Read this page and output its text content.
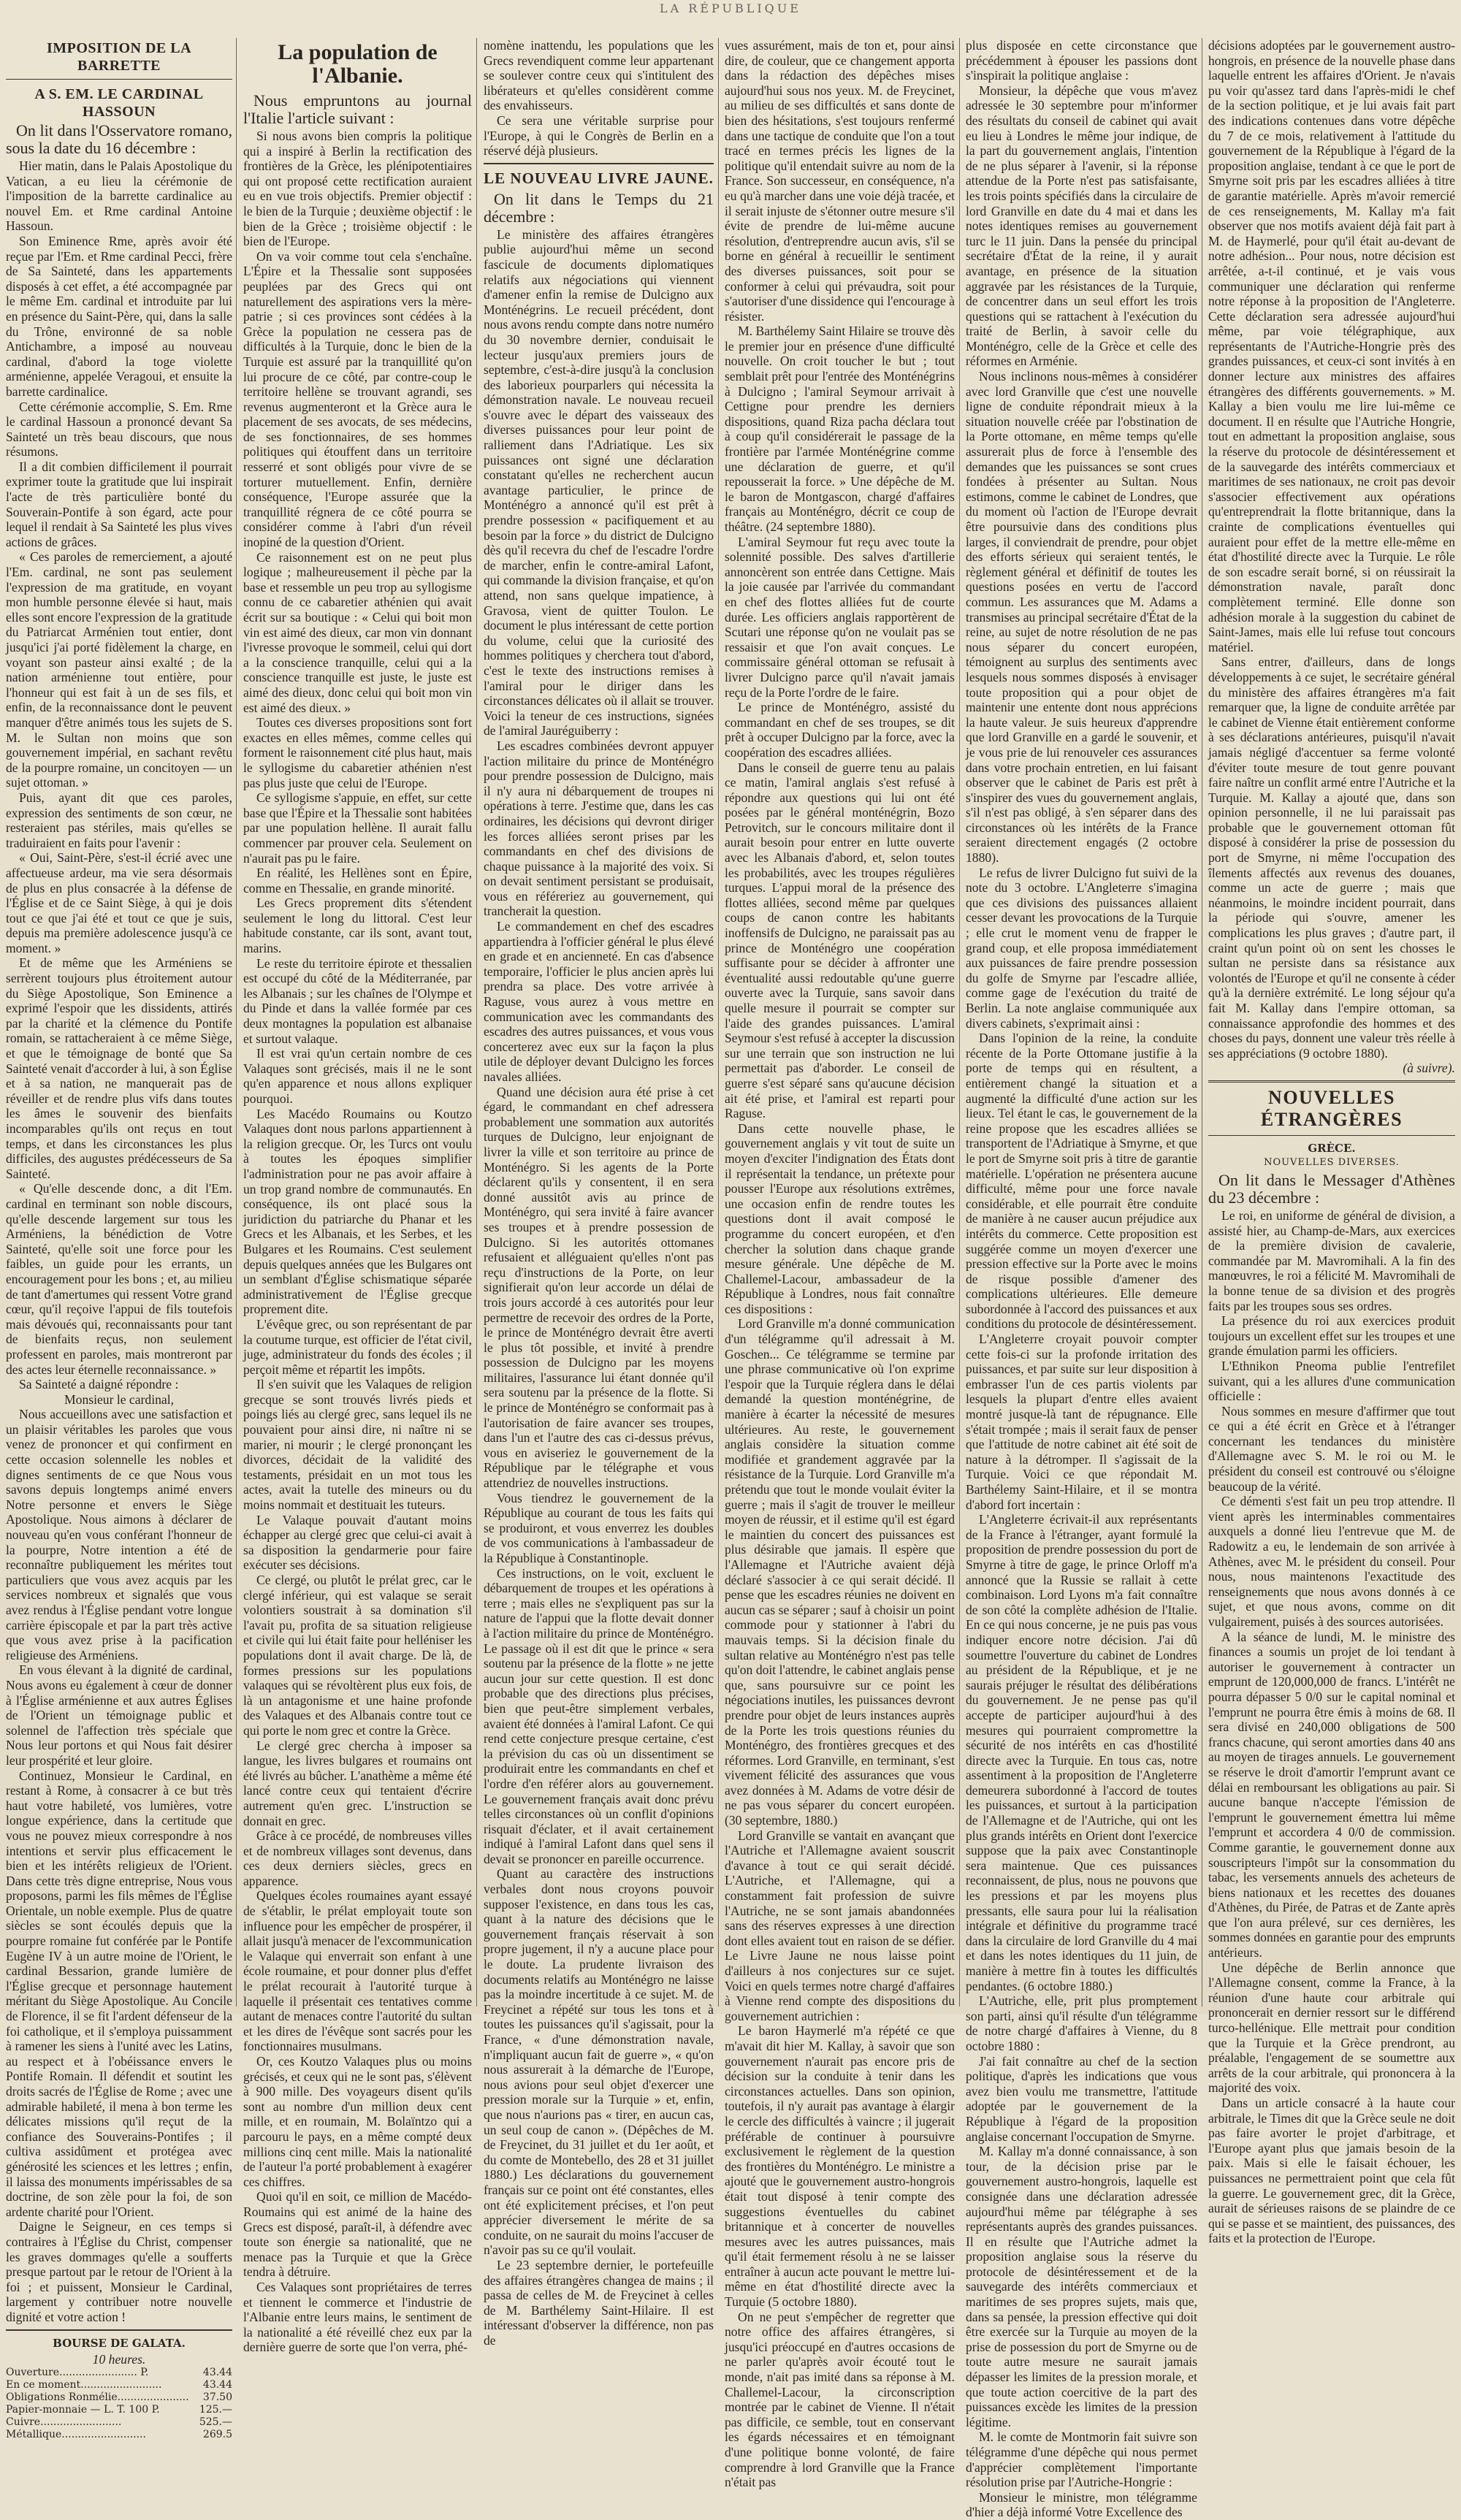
LA RÉPUBLIQUE
IMPOSITION DE LA BARRETTE
A S. EM. LE CARDINAL HASSOUN

On lit dans l'Osservatore romano, sous la date du 16 décembre :

Hier matin, dans le Palais Apostolique du Vatican, a eu lieu la cérémonie de l'imposition de la barrette cardinalice au nouvel Em. et Rme cardinal Antoine Hassoun.

Son Eminence Rme, après avoir été reçue par l'Em. et Rme cardinal Pecci, frère de Sa Sainteté, dans les appartements disposés à cet effet, a été accompagnée par le même Em. cardinal et introduite par lui en présence du Saint-Père, qui, dans la salle du Trône, environné de sa noble Antichambre, a imposé au nouveau cardinal, d'abord la toge violette arménienne, appelée Veragoui, et ensuite la barrette cardinalice.

Cette cérémonie accomplie, S. Em. Rme le cardinal Hassoun a prononcé devant Sa Sainteté un très beau discours, que nous résumons.

Il a dit combien difficilement il pourrait exprimer toute la gratitude que lui inspirait l'acte de très particulière bonté du Souverain-Pontife à son égard, acte pour lequel il rendait à Sa Sainteté les plus vives actions de grâces.

« Ces paroles de remerciement, a ajouté l'Em. cardinal, ne sont pas seulement l'expression de ma gratitude, en voyant mon humble personne élevée si haut, mais elles sont encore l'expression de la gratitude du Patriarcat Arménien tout entier, dont jusqu'ici j'ai porté fidèlement la charge, en voyant son pasteur ainsi exalté ; de la nation arménienne tout entière, pour l'honneur qui est fait à un de ses fils, et enfin, de la reconnaissance dont le peuvent manquer d'être animés tous les sujets de S. M. le Sultan non moins que son gouvernement impérial, en sachant revêtu de la pourpre romaine, un concitoyen — un sujet ottoman. »

Puis, ayant dit que ces paroles, expression des sentiments de son cœur, ne resteraient pas stériles, mais qu'elles se traduiraient en faits pour l'avenir :

« Oui, Saint-Père, s'est-il écrié avec une affectueuse ardeur, ma vie sera désormais de plus en plus consacrée à la défense de l'Église et de ce Saint Siège, à qui je dois tout ce que j'ai été et tout ce que je suis, depuis ma première adolescence jusqu'à ce moment. »

Et de même que les Arméniens se serrèrent toujours plus étroitement autour du Siège Apostolique, Son Eminence a exprimé l'espoir que les dissidents, attirés par la charité et la clémence du Pontife romain, se rattacheraient à ce même Siège, et que le témoignage de bonté que Sa Sainteté venait d'accorder à lui, à son Église et à sa nation, ne manquerait pas de réveiller et de rendre plus vifs dans toutes les âmes le souvenir des bienfaits incomparables qu'ils ont reçus en tout temps, et dans les circonstances les plus difficiles, des augustes prédécesseurs de Sa Sainteté.

« Qu'elle descende donc, a dit l'Em. cardinal en terminant son noble discours, qu'elle descende largement sur tous les Arméniens, la bénédiction de Votre Sainteté, qu'elle soit une force pour les faibles, un guide pour les errants, un encouragement pour les bons ; et, au milieu de tant d'amertumes qui ressent Votre grand cœur, qu'il reçoive l'appui de fils toutefois mais dévoués qui, reconnaissants pour tant de bienfaits reçus, non seulement professent en paroles, mais montreront par des actes leur éternelle reconnaissance. »

Sa Sainteté a daigné répondre :

Monsieur le cardinal,

Nous accueillons avec une satisfaction et un plaisir véritables les paroles que vous venez de prononcer et qui confirment en cette occasion solennelle les nobles et dignes sentiments de ce que Nous vous savons depuis longtemps animé envers Notre personne et envers le Siège Apostolique. Nous aimons à déclarer de nouveau qu'en vous conférant l'honneur de la pourpre, Notre intention a été de reconnaître publiquement les mérites tout particuliers que vous avez acquis par les services nombreux et signalés que vous avez rendus à l'Église pendant votre longue carrière épiscopale et par la part très active que vous avez prise à la pacification religieuse des Arméniens.

En vous élevant à la dignité de cardinal, Nous avons eu également à cœur de donner à l'Église arménienne et aux autres Églises de l'Orient un témoignage public et solennel de l'affection très spéciale que Nous leur portons et qui Nous fait désirer leur prospérité et leur gloire.

Continuez, Monsieur le Cardinal, en restant à Rome, à consacrer à ce but très haut votre habileté, vos lumières, votre longue expérience, dans la certitude que vous ne pouvez mieux correspondre à nos intentions et servir plus efficacement le bien et les intérêts religieux de l'Orient. Dans cette très digne entreprise, Nous vous proposons, parmi les fils mêmes de l'Église Orientale, un noble exemple. Plus de quatre siècles se sont écoulés depuis que la pourpre romaine fut conférée par le Pontife Eugène IV à un autre moine de l'Orient, le cardinal Bessarion, grande lumière de l'Église grecque et personnage hautement méritant du Siège Apostolique. Au Concile de Florence, il se fit l'ardent défenseur de la foi catholique, et il s'employa puissamment à ramener les siens à l'unité avec les Latins, au respect et à l'obéissance envers le Pontife Romain. Il défendit et soutint les droits sacrés de l'Église de Rome ; avec une admirable habileté, il mena à bon terme les délicates missions qu'il reçut de la confiance des Souverains-Pontifes ; il cultiva assidûment et protégea avec générosité les sciences et les lettres ; enfin, il laissa des monuments impérissables de sa doctrine, de son zèle pour la foi, de son ardente charité pour l'Orient.

Daigne le Seigneur, en ces temps si contraires à l'Église du Christ, compenser les graves dommages qu'elle a soufferts presque partout par le retour de l'Orient à la foi ; et puissent, Monsieur le Cardinal, largement y contribuer notre nouvelle dignité et votre action !

BOURSE DE GALATA.
10 heures.
Ouverture........................ P.	43.44
En ce moment.........................	43.44
Obligations Ronmélie......................	37.50
Papier-monnaie — L. T. 100 P.	125.—
Cuivre.........................	525.—
Métallique..........................	269.5
La population de l'Albanie.

Nous empruntons au journal l'Italie l'article suivant :

Si nous avons bien compris la politique qui a inspiré à Berlin la rectification des frontières de la Grèce, les plénipotentiaires qui ont proposé cette rectification auraient eu en vue trois objectifs. Premier objectif : le bien de la Turquie ; deuxième objectif : le bien de la Grèce ; troisième objectif : le bien de l'Europe.

On va voir comme tout cela s'enchaîne. L'Épire et la Thessalie sont supposées peuplées par des Grecs qui ont naturellement des aspirations vers la mère-patrie ; si ces provinces sont cédées à la Grèce la population ne cessera pas de difficultés à la Turquie, donc le bien de la Turquie est assuré par la tranquillité qu'on lui procure de ce côté, par contre-coup le territoire hellène se trouvant agrandi, ses revenus augmenteront et la Grèce aura le placement de ses avocats, de ses médecins, de ses fonctionnaires, de ses hommes politiques qui étouffent dans un territoire resserré et sont obligés pour vivre de se torturer mutuellement. Enfin, dernière conséquence, l'Europe assurée que la tranquillité régnera de ce côté pourra se considérer comme à l'abri d'un réveil inopiné de la question d'Orient.

Ce raisonnement est on ne peut plus logique ; malheureusement il pèche par la base et ressemble un peu trop au syllogisme connu de ce cabaretier athénien qui avait écrit sur sa boutique : « Celui qui boit mon vin est aimé des dieux, car mon vin donnant l'ivresse provoque le sommeil, celui qui dort a la conscience tranquille, celui qui a la conscience tranquille est juste, le juste est aimé des dieux, donc celui qui boit mon vin est aimé des dieux. »

Toutes ces diverses propositions sont fort exactes en elles mêmes, comme celles qui forment le raisonnement cité plus haut, mais le syllogisme du cabaretier athénien n'est pas plus juste que celui de l'Europe.

Ce syllogisme s'appuie, en effet, sur cette base que l'Épire et la Thessalie sont habitées par une population hellène. Il aurait fallu commencer par prouver cela. Seulement on n'aurait pas pu le faire.

En réalité, les Hellènes sont en Épire, comme en Thessalie, en grande minorité.

Les Grecs proprement dits s'étendent seulement le long du littoral. C'est leur habitude constante, car ils sont, avant tout, marins.

Le reste du territoire épirote et thessalien est occupé du côté de la Méditerranée, par les Albanais ; sur les chaînes de l'Olympe et du Pinde et dans la vallée formée par ces deux montagnes la population est albanaise et surtout valaque.

Il est vrai qu'un certain nombre de ces Valaques sont grécisés, mais il ne le sont qu'en apparence et nous allons expliquer pourquoi.

Les Macédo Roumains ou Koutzo Valaques dont nous parlons appartiennent à la religion grecque. Or, les Turcs ont voulu à toutes les époques simplifier l'administration pour ne pas avoir affaire à un trop grand nombre de communautés. En conséquence, ils ont placé sous la juridiction du patriarche du Phanar et les Grecs et les Albanais, et les Serbes, et les Bulgares et les Roumains. C'est seulement depuis quelques années que les Bulgares ont un semblant d'Église schismatique séparée administrativement de l'Église grecque proprement dite.

L'évêque grec, ou son représentant de par la coutume turque, est officier de l'état civil, juge, administrateur du fonds des écoles ; il perçoit même et répartit les impôts.

Il s'en suivit que les Valaques de religion grecque se sont trouvés livrés pieds et poings liés au clergé grec, sans lequel ils ne pouvaient pour ainsi dire, ni naître ni se marier, ni mourir ; le clergé prononçant les divorces, décidait de la validité des testaments, présidait en un mot tous les actes, avait la tutelle des mineurs ou du moins nommait et destituait les tuteurs.

Le Valaque pouvait d'autant moins échapper au clergé grec que celui-ci avait à sa disposition la gendarmerie pour faire exécuter ses décisions.

Ce clergé, ou plutôt le prélat grec, car le clergé inférieur, qui est valaque se serait volontiers soustrait à sa domination s'il l'avait pu, profita de sa situation religieuse et civile qui lui était faite pour helléniser les populations dont il avait charge. De là, de formes pressions sur les populations valaques qui se révoltèrent plus eux fois, de là un antagonisme et une haine profonde des Valaques et des Albanais contre tout ce qui porte le nom grec et contre la Grèce.

Le clergé grec chercha à imposer sa langue, les livres bulgares et roumains ont été livrés au bûcher. L'anathème a même été lancé contre ceux qui tentaient d'écrire autrement qu'en grec. L'instruction se donnait en grec.

Grâce à ce procédé, de nombreuses villes et de nombreux villages sont devenus, dans ces deux derniers siècles, grecs en apparence.

Quelques écoles roumaines ayant essayé de s'établir, le prélat employait toute son influence pour les empêcher de prospérer, il allait jusqu'à menacer de l'excommunication le Valaque qui enverrait son enfant à une école roumaine, et pour donner plus d'effet le prélat recourait à l'autorité turque à laquelle il présentait ces tentatives comme autant de menaces contre l'autorité du sultan et les dires de l'évêque sont sacrés pour les fonctionnaires musulmans.

Or, ces Koutzo Valaques plus ou moins grécisés, et ceux qui ne le sont pas, s'élèvent à 900 mille. Des voyageurs disent qu'ils sont au nombre d'un million deux cent mille, et en roumain, M. Bolaïntzo qui a parcouru le pays, en a même compté deux millions cinq cent mille. Mais la nationalité de l'auteur l'a porté probablement à exagérer ces chiffres.

Quoi qu'il en soit, ce million de Macédo-Roumains qui est animé de la haine des Grecs est disposé, paraît-il, à défendre avec toute son énergie sa nationalité, que ne menace pas la Turquie et que la Grèce tendra à détruire.

Ces Valaques sont propriétaires de terres et tiennent le commerce et l'industrie de l'Albanie entre leurs mains, le sentiment de la nationalité a été réveillé chez eux par la dernière guerre de sorte que l'on verra, phé-

nomène inattendu, les populations que les Grecs revendiquent comme leur appartenant se soulever contre ceux qui s'intitulent des libérateurs et qu'elles considèrent comme des envahisseurs.

Ce sera une véritable surprise pour l'Europe, à qui le Congrès de Berlin en a réservé déjà plusieurs.

LE NOUVEAU LIVRE JAUNE.

On lit dans le Temps du 21 décembre :

Le ministère des affaires étrangères publie aujourd'hui même un second fascicule de documents diplomatiques relatifs aux négociations qui viennent d'amener enfin la remise de Dulcigno aux Monténégrins. Le recueil précédent, dont nous avons rendu compte dans notre numéro du 30 novembre dernier, conduisait le lecteur jusqu'aux premiers jours de septembre, c'est-à-dire jusqu'à la conclusion des laborieux pourparlers qui nécessita la démonstration navale. Le nouveau recueil s'ouvre avec le départ des vaisseaux des diverses puissances pour leur point de ralliement dans l'Adriatique. Les six puissances ont signé une déclaration constatant qu'elles ne recherchent aucun avantage particulier, le prince de Monténégro a annoncé qu'il est prêt à prendre possession « pacifiquement et au besoin par la force » du district de Dulcigno dès qu'il recevra du chef de l'escadre l'ordre de marcher, enfin le contre-amiral Lafont, qui commande la division française, et qu'on attend, non sans quelque impatience, à Gravosa, vient de quitter Toulon. Le document le plus intéressant de cette portion du volume, celui que la curiosité des hommes politiques y cherchera tout d'abord, c'est le texte des instructions remises à l'amiral pour le diriger dans les circonstances délicates où il allait se trouver. Voici la teneur de ces instructions, signées de l'amiral Jauréguiberry :

Les escadres combinées devront appuyer l'action militaire du prince de Monténégro pour prendre possession de Dulcigno, mais il n'y aura ni débarquement de troupes ni opérations à terre. J'estime que, dans les cas ordinaires, les décisions qui devront diriger les forces alliées seront prises par les commandants en chef des divisions de chaque puissance à la majorité des voix. Si on devait sentiment persistant se produisait, vous en référeriez au gouvernement, qui trancherait la question.

Le commandement en chef des escadres appartiendra à l'officier général le plus élevé en grade et en ancienneté. En cas d'absence temporaire, l'officier le plus ancien après lui prendra sa place. Des votre arrivée à Raguse, vous aurez à vous mettre en communication avec les commandants des escadres des autres puissances, et vous vous concerterez avec eux sur la façon la plus utile de déployer devant Dulcigno les forces navales alliées.

Quand une décision aura été prise à cet égard, le commandant en chef adressera probablement une sommation aux autorités turques de Dulcigno, leur enjoignant de livrer la ville et son territoire au prince de Monténégro. Si les agents de la Porte déclarent qu'ils y consentent, il en sera donné aussitôt avis au prince de Monténégro, qui sera invité à faire avancer ses troupes et à prendre possession de Dulcigno. Si les autorités ottomanes refusaient et alléguaient qu'elles n'ont pas reçu d'instructions de la Porte, on leur signifierait qu'on leur accorde un délai de trois jours accordé à ces autorités pour leur permettre de recevoir des ordres de la Porte, le prince de Monténégro devrait être averti le plus tôt possible, et invité à prendre possession de Dulcigno par les moyens militaires, l'assurance lui étant donnée qu'il sera soutenu par la présence de la flotte. Si le prince de Monténégro se conformait pas à l'autorisation de faire avancer ses troupes, dans l'un et l'autre des cas ci-dessus prévus, vous en aviseriez le gouvernement de la République par le télégraphe et vous attendriez de nouvelles instructions.

Vous tiendrez le gouvernement de la République au courant de tous les faits qui se produiront, et vous enverrez les doubles de vos communications à l'ambassadeur de la République à Constantinople.

Ces instructions, on le voit, excluent le débarquement de troupes et les opérations à terre ; mais elles ne s'expliquent pas sur la nature de l'appui que la flotte devait donner à l'action militaire du prince de Monténégro. Le passage où il est dit que le prince « sera soutenu par la présence de la flotte » ne jette aucun jour sur cette question. Il est donc probable que des directions plus précises, bien que peut-être simplement verbales, avaient été données à l'amiral Lafont. Ce qui rend cette conjecture presque certaine, c'est la prévision du cas où un dissentiment se produirait entre les commandants en chef et l'ordre d'en référer alors au gouvernement. Le gouvernement français avait donc prévu telles circonstances où un conflit d'opinions risquait d'éclater, et il avait certainement indiqué à l'amiral Lafont dans quel sens il devait se prononcer en pareille occurrence.

Quant au caractère des instructions verbales dont nous croyons pouvoir supposer l'existence, en dans tous les cas, quant à la nature des décisions que le gouvernement français réservait à son propre jugement, il n'y a aucune place pour le doute. La prudente livraison des documents relatifs au Monténégro ne laisse pas la moindre incertitude à ce sujet. M. de Freycinet a répété sur tous les tons et à toutes les puissances qu'il s'agissait, pour la France, « d'une démonstration navale, n'impliquant aucun fait de guerre », « qu'on nous assurerait à la démarche de l'Europe, nous avions pour seul objet d'exercer une pression morale sur la Turquie » et, enfin, que nous n'aurions pas « tirer, en aucun cas, un seul coup de canon ». (Dépêches de M. de Freycinet, du 31 juillet et du 1er août, et du comte de Montebello, des 28 et 31 juillet 1880.) Les déclarations du gouvernement français sur ce point ont été constantes, elles ont été explicitement précises, et l'on peut apprécier diversement le mérite de sa conduite, on ne saurait du moins l'accuser de n'avoir pas su ce qu'il voulait.

Le 23 septembre dernier, le portefeuille des affaires étrangères changea de mains ; il passa de celles de M. de Freycinet à celles de M. Barthélemy Saint-Hilaire. Il est intéressant d'observer la différence, non pas de

vues assurément, mais de ton et, pour ainsi dire, de couleur, que ce changement apporta dans la rédaction des dépêches mises aujourd'hui sous nos yeux. M. de Freycinet, au milieu de ses difficultés et sans donte de bien des hésitations, s'est toujours renfermé dans une tactique de conduite que l'on a tout tracé en termes précis les lignes de la politique qu'il entendait suivre au nom de la France. Son successeur, en conséquence, n'a eu qu'à marcher dans une voie déjà tracée, et il serait injuste de s'étonner outre mesure s'il évite de prendre de lui-même aucune résolution, d'entreprendre aucun avis, s'il se borne en général à recueillir le sentiment des diverses puissances, soit pour se conformer à celui qui prévaudra, soit pour s'autoriser d'une dissidence qui l'encourage à résister.

M. Barthélemy Saint Hilaire se trouve dès le premier jour en présence d'une difficulté nouvelle. On croit toucher le but ; tout semblait prêt pour l'entrée des Monténégrins à Dulcigno ; l'amiral Seymour arrivait à Cettigne pour prendre les derniers dispositions, quand Riza pacha déclara tout à coup qu'il considérerait le passage de la frontière par l'armée Monténégrine comme une déclaration de guerre, et qu'il repousserait la force. » Une dépêche de M. le baron de Montgascon, chargé d'affaires français au Monténégro, décrit ce coup de théâtre. (24 septembre 1880).

L'amiral Seymour fut reçu avec toute la solennité possible. Des salves d'artillerie annoncèrent son entrée dans Cettigne. Mais la joie causée par l'arrivée du commandant en chef des flottes alliées fut de courte durée. Les officiers anglais rapportèrent de Scutari une réponse qu'on ne voulait pas se ressaisir et que l'on avait conçues. Le commissaire général ottoman se refusait à livrer Dulcigno parce qu'il n'avait jamais reçu de la Porte l'ordre de le faire.

Le prince de Monténégro, assisté du commandant en chef de ses troupes, se dit prêt à occuper Dulcigno par la force, avec la coopération des escadres alliées.

Dans le conseil de guerre tenu au palais ce matin, l'amiral anglais s'est refusé à répondre aux questions qui lui ont été posées par le général monténégrin, Bozo Petrovitch, sur le concours militaire dont il aurait besoin pour entrer en lutte ouverte avec les Albanais d'abord, et, selon toutes les probabilités, avec les troupes régulières turques. L'appui moral de la présence des flottes alliées, second même par quelques coups de canon contre les habitants inoffensifs de Dulcigno, ne paraissait pas au prince de Monténégro une coopération suffisante pour se décider à affronter une éventualité aussi redoutable qu'une guerre ouverte avec la Turquie, sans savoir dans quelle mesure il pourrait se compter sur l'aide des grandes puissances. L'amiral Seymour s'est refusé à accepter la discussion sur une terrain que son instruction ne lui permettait pas d'aborder. Le conseil de guerre s'est séparé sans qu'aucune décision ait été prise, et l'amiral est reparti pour Raguse.

Dans cette nouvelle phase, le gouvernement anglais y vit tout de suite un moyen d'exciter l'indignation des États dont il représentait la tendance, un prétexte pour pousser l'Europe aux résolutions extrêmes, une occasion enfin de rendre toutes les questions dont il avait composé le programme du concert européen, et d'en chercher la solution dans chaque grande mesure générale. Une dépêche de M. Challemel-Lacour, ambassadeur de la République à Londres, nous fait connaître ces dispositions :

Lord Granville m'a donné communication d'un télégramme qu'il adressait à M. Goschen... Ce télégramme se termine par une phrase communicative où l'on exprime l'espoir que la Turquie réglera dans le délai demandé la question monténégrine, de manière à écarter la nécessité de mesures ultérieures. Au reste, le gouvernement anglais considère la situation comme modifiée et grandement aggravée par la résistance de la Turquie. Lord Granville m'a prétendu que tout le monde voulait éviter la guerre ; mais il s'agit de trouver le meilleur moyen de réussir, et il estime qu'il est égard le maintien du concert des puissances est plus désirable que jamais. Il espère que l'Allemagne et l'Autriche avaient déjà déclaré s'associer à ce qui serait décidé. Il pense que les escadres réunies ne doivent en aucun cas se séparer ; sauf à choisir un point commode pour y stationner à l'abri du mauvais temps. Si la décision finale du sultan relative au Monténégro n'est pas telle qu'on doit l'attendre, le cabinet anglais pense que, sans poursuivre sur ce point les négociations inutiles, les puissances devront prendre pour objet de leurs instances auprès de la Porte les trois questions réunies du Monténégro, des frontières grecques et des réformes. Lord Granville, en terminant, s'est vivement félicité des assurances que vous avez données à M. Adams de votre désir de ne pas vous séparer du concert européen. (30 septembre, 1880.)

Lord Granville se vantait en avançant que l'Autriche et l'Allemagne avaient souscrit d'avance à tout ce qui serait décidé. L'Autriche, et l'Allemagne, qui a constamment fait profession de suivre l'Autriche, ne se sont jamais abandonnées sans des réserves expresses à une direction dont elles avaient tout en raison de se défier. Le Livre Jaune ne nous laisse point d'ailleurs à nos conjectures sur ce sujet. Voici en quels termes notre chargé d'affaires à Vienne rend compte des dispositions du gouvernement autrichien :

Le baron Haymerlé m'a répété ce que m'avait dit hier M. Kallay, à savoir que son gouvernement n'aurait pas encore pris de décision sur la conduite à tenir dans les circonstances actuelles. Dans son opinion, toutefois, il n'y aurait pas avantage à élargir le cercle des difficultés à vaincre ; il jugerait préférable de continuer à poursuivre exclusivement le règlement de la question des frontières du Monténégro. Le ministre a ajouté que le gouvernement austro-hongrois était tout disposé à tenir compte des suggestions éventuelles du cabinet britannique et à concerter de nouvelles mesures avec les autres puissances, mais qu'il était fermement résolu à ne se laisser entraîner à aucun acte pouvant le mettre lui-même en état d'hostilité directe avec la Turquie (5 octobre 1880).

On ne peut s'empêcher de regretter que notre office des affaires étrangères, si jusqu'ici préoccupé en d'autres occasions de ne parler qu'après avoir écouté tout le monde, n'ait pas imité dans sa réponse à M. Challemel-Lacour, la circonscription montrée par le cabinet de Vienne. Il n'était pas difficile, ce semble, tout en conservant les égards nécessaires et en témoignant d'une politique bonne volonté, de faire comprendre à lord Granville que la France n'était pas

plus disposée en cette circonstance que précédemment à épouser les passions dont s'inspirait la politique anglaise :

Monsieur, la dépêche que vous m'avez adressée le 30 septembre pour m'informer des résultats du conseil de cabinet qui avait eu lieu à Londres le même jour indique, de la part du gouvernement anglais, l'intention de ne plus séparer à l'avenir, si la réponse attendue de la Porte n'est pas satisfaisante, les trois points spécifiés dans la circulaire de lord Granville en date du 4 mai et dans les notes identiques remises au gouvernement turc le 11 juin. Dans la pensée du principal secrétaire d'État de la reine, il y aurait avantage, en présence de la situation aggravée par les résistances de la Turquie, de concentrer dans un seul effort les trois questions qui se rattachent à l'exécution du traité de Berlin, à savoir celle du Monténégro, celle de la Grèce et celle des réformes en Arménie.

Nous inclinons nous-mêmes à considérer avec lord Granville que c'est une nouvelle ligne de conduite répondrait mieux à la situation nouvelle créée par l'obstination de la Porte ottomane, en même temps qu'elle assurerait plus de force à l'ensemble des demandes que les puissances se sont crues fondées à présenter au Sultan. Nous estimons, comme le cabinet de Londres, que du moment où l'action de l'Europe devrait être poursuivie dans des conditions plus larges, il conviendrait de prendre, pour objet des efforts sérieux qui seraient tentés, le règlement général et définitif de toutes les questions posées en vertu de l'accord commun. Les assurances que M. Adams a transmises au principal secrétaire d'État de la reine, au sujet de notre résolution de ne pas nous séparer du concert européen, témoignent au surplus des sentiments avec lesquels nous sommes disposés à envisager toute proposition qui a pour objet de maintenir une entente dont nous apprécions la haute valeur. Je suis heureux d'apprendre que lord Granville en a gardé le souvenir, et je vous prie de lui renouveler ces assurances dans votre prochain entretien, en lui faisant observer que le cabinet de Paris est prêt à s'inspirer des vues du gouvernement anglais, s'il n'est pas obligé, à s'en séparer dans des circonstances où les intérêts de la France seraient directement engagés (2 octobre 1880).

Le refus de livrer Dulcigno fut suivi de la note du 3 octobre. L'Angleterre s'imagina que ces divisions des puissances allaient cesser devant les provocations de la Turquie ; elle crut le moment venu de frapper le grand coup, et elle proposa immédiatement aux puissances de faire prendre possession du golfe de Smyrne par l'escadre alliée, comme gage de l'exécution du traité de Berlin. La note anglaise communiquée aux divers cabinets, s'exprimait ainsi :

Dans l'opinion de la reine, la conduite récente de la Porte Ottomane justifie à la porte de temps qui en résultent, a entièrement changé la situation et a augmenté la difficulté d'une action sur les lieux. Tel étant le cas, le gouvernement de la reine propose que les escadres alliées se transportent de l'Adriatique à Smyrne, et que le port de Smyrne soit pris à titre de garantie matérielle. L'opération ne présentera aucune difficulté, même pour une force navale considérable, et elle pourrait être conduite de manière à ne causer aucun préjudice aux intérêts du commerce. Cette proposition est suggérée comme un moyen d'exercer une pression effective sur la Porte avec le moins de risque possible d'amener des complications ultérieures. Elle demeure subordonnée à l'accord des puissances et aux conditions du protocole de désintéressement.

L'Angleterre croyait pouvoir compter cette fois-ci sur la profonde irritation des puissances, et par suite sur leur disposition à embrasser l'un de ces partis violents par lesquels la plupart d'entre elles avaient montré jusque-là tant de répugnance. Elle s'était trompée ; mais il serait faux de penser que l'attitude de notre cabinet ait été soit de nature à la détromper. Il s'agissait de la Turquie. Voici ce que répondait M. Barthélemy Saint-Hilaire, et il se montra d'abord fort incertain :

L'Angleterre écrivait-il aux représentants de la France à l'étranger, ayant formulé la proposition de prendre possession du port de Smyrne à titre de gage, le prince Orloff m'a annoncé que la Russie se rallait à cette combinaison. Lord Lyons m'a fait connaître de son côté la complète adhésion de l'Italie. En ce qui nous concerne, je ne puis pas vous indiquer encore notre décision. J'ai dû soumettre l'ouverture du cabinet de Londres au président de la République, et je ne saurais préjuger le résultat des délibérations du gouvernement. Je ne pense pas qu'il accepte de participer aujourd'hui à des mesures qui pourraient compromettre la sécurité de nos intérêts en cas d'hostilité directe avec la Turquie. En tous cas, notre assentiment à la proposition de l'Angleterre demeurera subordonné à l'accord de toutes les puissances, et surtout à la participation de l'Allemagne et de l'Autriche, qui ont les plus grands intérêts en Orient dont l'exercice suppose que la paix avec Constantinople sera maintenue. Que ces puissances reconnaissent, de plus, nous ne pouvons que les pressions et par les moyens plus pressants, elle saura pour lui la réalisation intégrale et définitive du programme tracé dans la circulaire de lord Granville du 4 mai et dans les notes identiques du 11 juin, de manière à mettre fin à toutes les difficultés pendantes. (6 octobre 1880.)

L'Autriche, elle, prit plus promptement son parti, ainsi qu'il résulte d'un télégramme de notre chargé d'affaires à Vienne, du 8 octobre 1880 :

J'ai fait connaître au chef de la section politique, d'après les indications que vous avez bien voulu me transmettre, l'attitude adoptée par le gouvernement de la République à l'égard de la proposition anglaise concernant l'occupation de Smyrne.

M. Kallay m'a donné connaissance, à son tour, de la décision prise par le gouvernement austro-hongrois, laquelle est consignée dans une déclaration adressée aujourd'hui même par télégraphe à ses représentants auprès des grandes puissances. Il en résulte que l'Autriche admet la proposition anglaise sous la réserve du protocole de désintéressement et de la sauvegarde des intérêts commerciaux et maritimes de ses propres sujets, mais que, dans sa pensée, la pression effective qui doit être exercée sur la Turquie au moyen de la prise de possession du port de Smyrne ou de toute autre mesure ne saurait jamais dépasser les limites de la pression morale, et que toute action coercitive de la part des puissances excède les limites de la pression légitime.

M. le comte de Montmorin fait suivre son télégramme d'une dépêche qui nous permet d'apprécier complètement l'importante résolution prise par l'Autriche-Hongrie :

Monsieur le ministre, mon télégramme d'hier a déjà informé Votre Excellence des

décisions adoptées par le gouvernement austro-hongrois, en présence de la nouvelle phase dans laquelle entrent les affaires d'Orient. Je n'avais pu voir qu'assez tard dans l'après-midi le chef de la section politique, et je lui avais fait part des indications contenues dans votre dépêche du 7 de ce mois, relativement à l'attitude du gouvernement de la République à l'égard de la proposition anglaise, tendant à ce que le port de Smyrne soit pris par les escadres alliées à titre de garantie matérielle. Après m'avoir remercié de ces renseignements, M. Kallay m'a fait observer que nos motifs avaient déjà fait part à M. de Haymerlé, pour qu'il était au-devant de notre adhésion... Pour nous, notre décision est arrêtée, a-t-il continué, et je vais vous communiquer une déclaration qui renferme notre réponse à la proposition de l'Angleterre. Cette déclaration sera adressée aujourd'hui même, par voie télégraphique, aux représentants de l'Autriche-Hongrie près des grandes puissances, et ceux-ci sont invités à en donner lecture aux ministres des affaires étrangères des différents gouvernements. » M. Kallay a bien voulu me lire lui-même ce document. Il en résulte que l'Autriche Hongrie, tout en admettant la proposition anglaise, sous la réserve du protocole de désintéressement et de la sauvegarde des intérêts commerciaux et maritimes de ses nationaux, ne croit pas devoir s'associer effectivement aux opérations qu'entreprendrait la flotte britannique, dans la crainte de complications éventuelles qui auraient pour effet de la mettre elle-même en état d'hostilité directe avec la Turquie. Le rôle de son escadre serait borné, si on réussirait la démonstration navale, paraît donc complètement terminé. Elle donne son adhésion morale à la suggestion du cabinet de Saint-James, mais elle lui refuse tout concours matériel.

Sans entrer, d'ailleurs, dans de longs développements à ce sujet, le secrétaire général du ministère des affaires étrangères m'a fait remarquer que, la ligne de conduite arrêtée par le cabinet de Vienne était entièrement conforme à ses déclarations antérieures, puisqu'il n'avait jamais négligé d'accentuer sa ferme volonté d'éviter toute mesure de tout genre pouvant faire naître un conflit armé entre l'Autriche et la Turquie. M. Kallay a ajouté que, dans son opinion personnelle, il ne lui paraissait pas probable que le gouvernement ottoman fût disposé à considérer la prise de possession du port de Smyrne, ni même l'occupation des îlements affectés aux revenus des douanes, comme un acte de guerre ; mais que néanmoins, le moindre incident pourrait, dans la période qui s'ouvre, amener les complications les plus graves ; d'autre part, il craint qu'un point où on sent les chosses le sultan ne persiste dans sa résistance aux volontés de l'Europe et qu'il ne consente à céder qu'à la dernière extrémité. Le long séjour qu'a fait M. Kallay dans l'empire ottoman, sa connaissance approfondie des hommes et des choses du pays, donnent une valeur très réelle à ses appréciations (9 octobre 1880).

(à suivre).

NOUVELLES ÉTRANGÈRES
GRÈCE.
NOUVELLES DIVERSES.

On lit dans le Messager d'Athènes du 23 décembre :

Le roi, en uniforme de général de division, a assisté hier, au Champ-de-Mars, aux exercices de la première division de cavalerie, commandée par M. Mavromihali. A la fin des manœuvres, le roi a félicité M. Mavromihali de la bonne tenue de sa division et des progrès faits par les troupes sous ses ordres.

La présence du roi aux exercices produit toujours un excellent effet sur les troupes et une grande émulation parmi les officiers.

L'Ethnikon Pneoma publie l'entrefilet suivant, qui a les allures d'une communication officielle :

Nous sommes en mesure d'affirmer que tout ce qui a été écrit en Grèce et à l'étranger concernant les tendances du ministère d'Allemagne avec S. M. le roi ou M. le président du conseil est controuvé ou s'éloigne beaucoup de la vérité.

Ce démenti s'est fait un peu trop attendre. Il vient après les interminables commentaires auxquels a donné lieu l'entrevue que M. de Radowitz a eu, le lendemain de son arrivée à Athènes, avec M. le président du conseil. Pour nous, nous maintenons l'exactitude des renseignements que nous avons donnés à ce sujet, et que nous avons, comme on dit vulgairement, puisés à des sources autorisées.

A la séance de lundi, M. le ministre des finances a soumis un projet de loi tendant à autoriser le gouvernement à contracter un emprunt de 120,000,000 de francs. L'intérêt ne pourra dépasser 5 0/0 sur le capital nominal et l'emprunt ne pourra être émis à moins de 68. Il sera divisé en 240,000 obligations de 500 francs chacune, qui seront amorties dans 40 ans au moyen de tirages annuels. Le gouvernement se réserve le droit d'amortir l'emprunt avant ce délai en remboursant les obligations au pair. Si aucune banque n'accepte l'émission de l'emprunt le gouvernement émettra lui même l'emprunt et accordera 4 0/0 de commission. Comme garantie, le gouvernement donne aux souscripteurs l'impôt sur la consommation du tabac, les versements annuels des acheteurs de biens nationaux et les recettes des douanes d'Athènes, du Pirée, de Patras et de Zante après que l'on aura prélevé, sur ces dernières, les sommes données en garantie pour des emprunts antérieurs.

Une dépêche de Berlin annonce que l'Allemagne consent, comme la France, à la réunion d'une haute cour arbitrale qui prononcerait en dernier ressort sur le différend turco-hellénique. Elle mettrait pour condition que la Turquie et la Grèce prendront, au préalable, l'engagement de se soumettre aux arrêts de la cour arbitrale, qui prononcera à la majorité des voix.

Dans un article consacré à la haute cour arbitrale, le Times dit que la Grèce seule ne doit pas faire avorter le projet d'arbitrage, et l'Europe ayant plus que jamais besoin de la paix. Mais si elle le faisait échouer, les puissances ne permettraient point que cela fût la guerre. Le gouvernement grec, dit la Grèce, aurait de sérieuses raisons de se plaindre de ce qui se passe et se maintient, des puissances, des faits et la protection de l'Europe.
